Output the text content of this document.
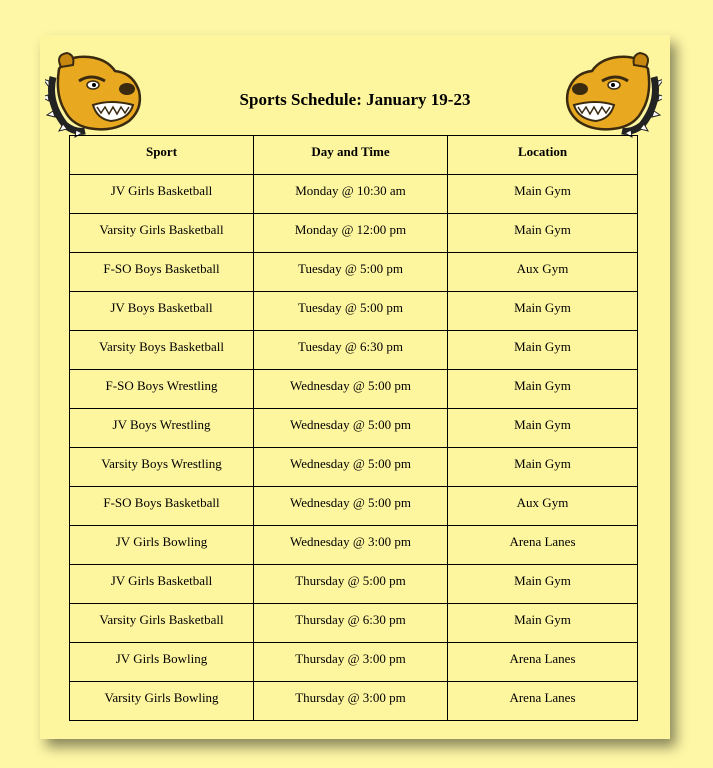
Sports Schedule: January 19-23
Sport	Day and Time	Location
JV Girls Basketball	Monday @ 10:30 am	Main Gym
Varsity Girls Basketball	Monday @ 12:00 pm	Main Gym
F-SO Boys Basketball	Tuesday @ 5:00 pm	Aux Gym
JV Boys Basketball	Tuesday @ 5:00 pm	Main Gym
Varsity Boys Basketball	Tuesday @ 6:30 pm	Main Gym
F-SO Boys Wrestling	Wednesday @ 5:00 pm	Main Gym
JV Boys Wrestling	Wednesday @ 5:00 pm	Main Gym
Varsity Boys Wrestling	Wednesday @ 5:00 pm	Main Gym
F-SO Boys Basketball	Wednesday @ 5:00 pm	Aux Gym
JV Girls Bowling	Wednesday @ 3:00 pm	Arena Lanes
JV Girls Basketball	Thursday @ 5:00 pm	Main Gym
Varsity Girls Basketball	Thursday @ 6:30 pm	Main Gym
JV Girls Bowling	Thursday @ 3:00 pm	Arena Lanes
Varsity Girls Bowling	Thursday @ 3:00 pm	Arena Lanes
